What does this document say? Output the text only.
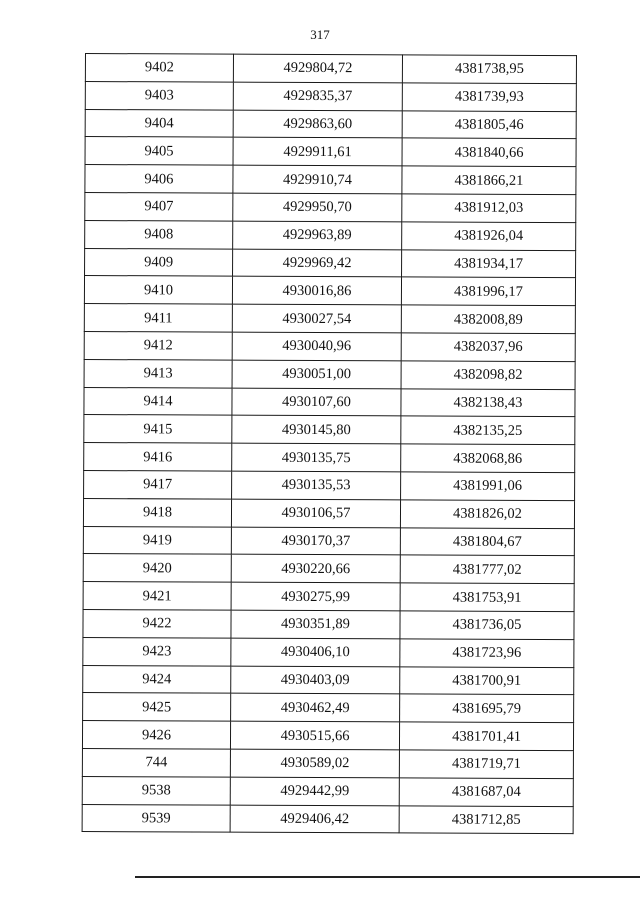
317
9402	4929804,72	4381738,95
9403	4929835,37	4381739,93
9404	4929863,60	4381805,46
9405	4929911,61	4381840,66
9406	4929910,74	4381866,21
9407	4929950,70	4381912,03
9408	4929963,89	4381926,04
9409	4929969,42	4381934,17
9410	4930016,86	4381996,17
9411	4930027,54	4382008,89
9412	4930040,96	4382037,96
9413	4930051,00	4382098,82
9414	4930107,60	4382138,43
9415	4930145,80	4382135,25
9416	4930135,75	4382068,86
9417	4930135,53	4381991,06
9418	4930106,57	4381826,02
9419	4930170,37	4381804,67
9420	4930220,66	4381777,02
9421	4930275,99	4381753,91
9422	4930351,89	4381736,05
9423	4930406,10	4381723,96
9424	4930403,09	4381700,91
9425	4930462,49	4381695,79
9426	4930515,66	4381701,41
744	4930589,02	4381719,71
9538	4929442,99	4381687,04
9539	4929406,42	4381712,85
